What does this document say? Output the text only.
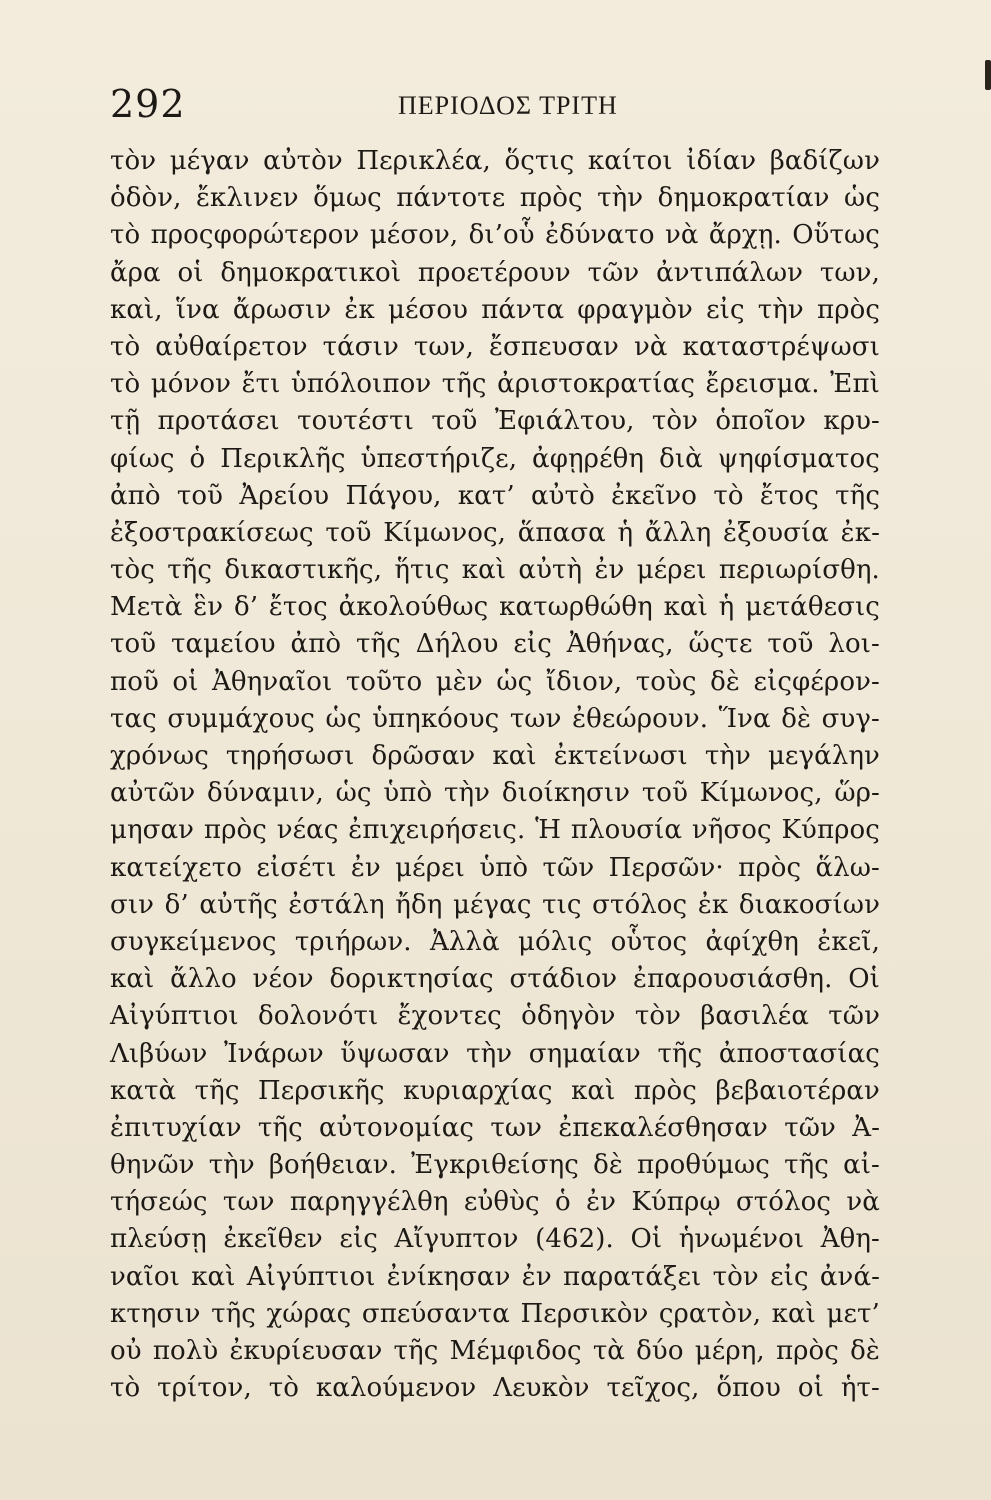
292	ΠΕΡΙΟΔΟΣ ΤΡΙΤΗ
τὸν μέγαν αὐτὸν Περικλέα, ὅςτις καίτοι ἰδίαν βαδίζων
ὁδὸν, ἔκλινεν ὅμως πάντοτε πρὸς τὴν δημοκρατίαν ὡς
τὸ προςφορώτερον μέσον, δι’οὗ ἐδύνατο νὰ ἄρχῃ. Οὕτως
ἄρα οἱ δημοκρατικοὶ προετέρουν τῶν ἀντιπάλων των,
καὶ, ἵνα ἄρωσιν ἐκ μέσου πάντα φραγμὸν εἰς τὴν πρὸς
τὸ αὐθαίρετον τάσιν των, ἔσπευσαν νὰ καταστρέψωσι
τὸ μόνον ἔτι ὑπόλοιπον τῆς ἀριστοκρατίας ἔρεισμα. Ἐπὶ
τῇ προτάσει τουτέστι τοῦ Ἐφιάλτου, τὸν ὁποῖον κρυ-
φίως ὁ Περικλῆς ὑπεστήριζε, ἀφῃρέθη διὰ ψηφίσματος
ἀπὸ τοῦ Ἀρείου Πάγου, κατ’ αὐτὸ ἐκεῖνο τὸ ἔτος τῆς
ἐξοστρακίσεως τοῦ Κίμωνος, ἅπασα ἡ ἄλλη ἐξουσία ἐκ-
τὸς τῆς δικαστικῆς, ἥτις καὶ αὐτὴ ἐν μέρει περιωρίσθη.
Μετὰ ἓν δ’ ἔτος ἀκολούθως κατωρθώθη καὶ ἡ μετάθεσις
τοῦ ταμείου ἀπὸ τῆς Δήλου εἰς Ἀθήνας, ὥςτε τοῦ λοι-
ποῦ οἱ Ἀθηναῖοι τοῦτο μὲν ὡς ἴδιον, τοὺς δὲ εἰςφέρον-
τας συμμάχους ὡς ὑπηκόους των ἐθεώρουν. Ἵνα δὲ συγ-
χρόνως τηρήσωσι δρῶσαν καὶ ἐκτείνωσι τὴν μεγάλην
αὐτῶν δύναμιν, ὡς ὑπὸ τὴν διοίκησιν τοῦ Κίμωνος, ὥρ-
μησαν πρὸς νέας ἐπιχειρήσεις. Ἡ πλουσία νῆσος Κύπρος
κατείχετο εἰσέτι ἐν μέρει ὑπὸ τῶν Περσῶν· πρὸς ἅλω-
σιν δ’ αὐτῆς ἐστάλη ἤδη μέγας τις στόλος ἐκ διακοσίων
συγκείμενος τριήρων. Ἀλλὰ μόλις οὗτος ἀφίχθη ἐκεῖ,
καὶ ἄλλο νέον δορικτησίας στάδιον ἐπαρουσιάσθη. Οἱ
Αἰγύπτιοι δολονότι ἔχοντες ὁδηγὸν τὸν βασιλέα τῶν
Λιβύων Ἰνάρων ὕψωσαν τὴν σημαίαν τῆς ἀποστασίας
κατὰ τῆς Περσικῆς κυριαρχίας καὶ πρὸς βεβαιοτέραν
ἐπιτυχίαν τῆς αὐτονομίας των ἐπεκαλέσθησαν τῶν Ἀ-
θηνῶν τὴν βοήθειαν. Ἐγκριθείσης δὲ προθύμως τῆς αἰ-
τήσεώς των παρηγγέλθη εὐθὺς ὁ ἐν Κύπρῳ στόλος νὰ
πλεύσῃ ἐκεῖθεν εἰς Αἴγυπτον (462). Οἱ ἡνωμένοι Ἀθη-
ναῖοι καὶ Αἰγύπτιοι ἐνίκησαν ἐν παρατάξει τὸν εἰς ἀνά-
κτησιν τῆς χώρας σπεύσαντα Περσικὸν ςρατὸν, καὶ μετ’
οὐ πολὺ ἐκυρίευσαν τῆς Μέμφιδος τὰ δύο μέρη, πρὸς δὲ
τὸ τρίτον, τὸ καλούμενον Λευκὸν τεῖχος, ὅπου οἱ ἡτ-
